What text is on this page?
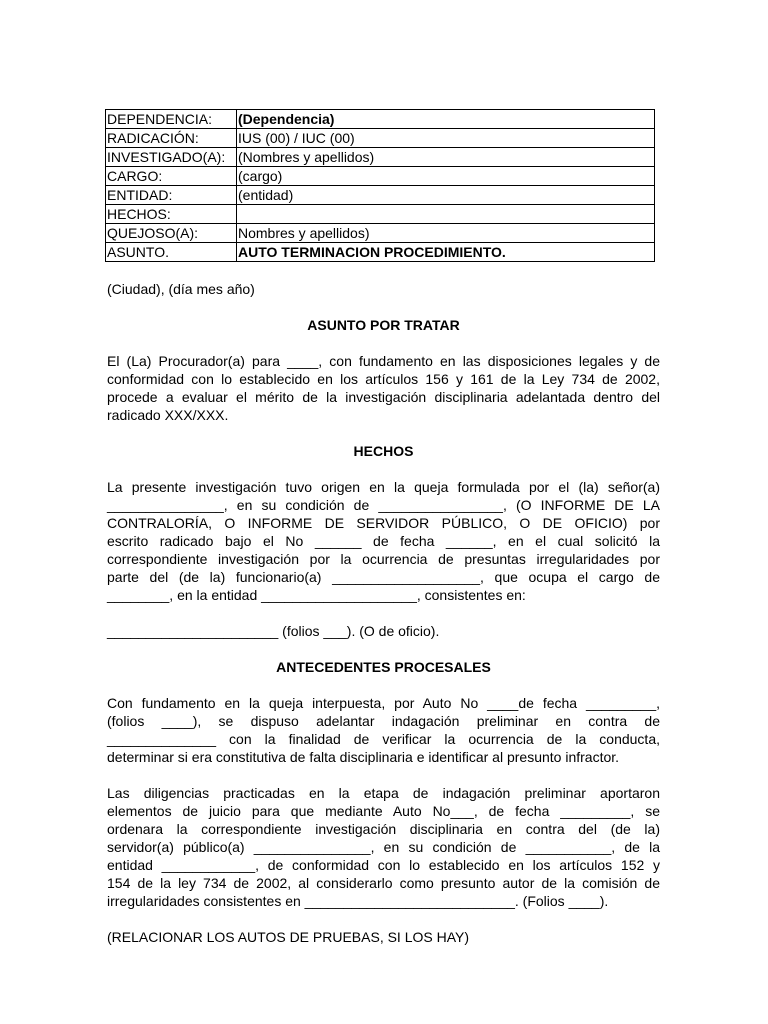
DEPENDENCIA:	(Dependencia)
RADICACIÓN:	IUS (00) / IUC (00)
INVESTIGADO(A):	(Nombres y apellidos)
CARGO:	(cargo)
ENTIDAD:	(entidad)
HECHOS:	
QUEJOSO(A):	Nombres y apellidos)
ASUNTO.	AUTO TERMINACION PROCEDIMIENTO.

(Ciudad), (día mes año)

ASUNTO POR TRATAR

El (La) Procurador(a) para ____, con fundamento en las disposiciones legales y de
conformidad con lo establecido en los artículos 156 y 161 de la Ley 734 de 2002,
procede a evaluar el mérito de la investigación disciplinaria adelantada dentro del
radicado XXX/XXX.

HECHOS

La presente investigación tuvo origen en la queja formulada por el (la) señor(a)
_______________, en su condición de ________________, (O INFORME DE LA
CONTRALORÍA, O INFORME DE SERVIDOR PÚBLICO, O DE OFICIO) por
escrito radicado bajo el No ______ de fecha ______, en el cual solicitó la
correspondiente investigación por la ocurrencia de presuntas irregularidades por
parte del (de la) funcionario(a) ___________________, que ocupa el cargo de
________, en la entidad ____________________, consistentes en:

______________________ (folios ___). (O de oficio).

ANTECEDENTES PROCESALES

Con fundamento en la queja interpuesta, por Auto No ____de fecha _________,
(folios ____), se dispuso adelantar indagación preliminar en contra de
______________ con la finalidad de verificar la ocurrencia de la conducta,
determinar si era constitutiva de falta disciplinaria e identificar al presunto infractor.
Las diligencias practicadas en la etapa de indagación preliminar aportaron
elementos de juicio para que mediante Auto No___, de fecha _________, se
ordenara la correspondiente investigación disciplinaria en contra del (de la)
servidor(a) público(a) _______________, en su condición de ___________, de la
entidad ____________, de conformidad con lo establecido en los artículos 152 y
154 de la ley 734 de 2002, al considerarlo como presunto autor de la comisión de
irregularidades consistentes en ___________________________. (Folios ____).

(RELACIONAR LOS AUTOS DE PRUEBAS, SI LOS HAY)
